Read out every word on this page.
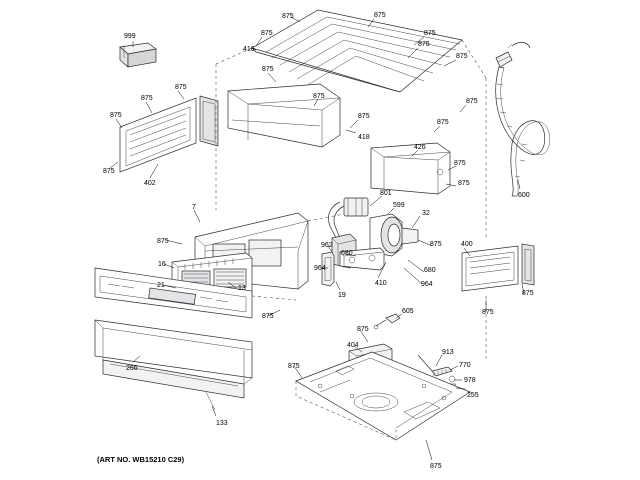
999
875	875
875
875
416
875
875
875
875
875
875
875	875
875
875
418
426
875
875
875
402
600
801
599
32
7
875
962	875	400
680
16
964
410
680
13
21	964
19	875
875
875
605
875
404
913
770
266
978
875
255
133
875
(ART NO. WB15210 C29)
